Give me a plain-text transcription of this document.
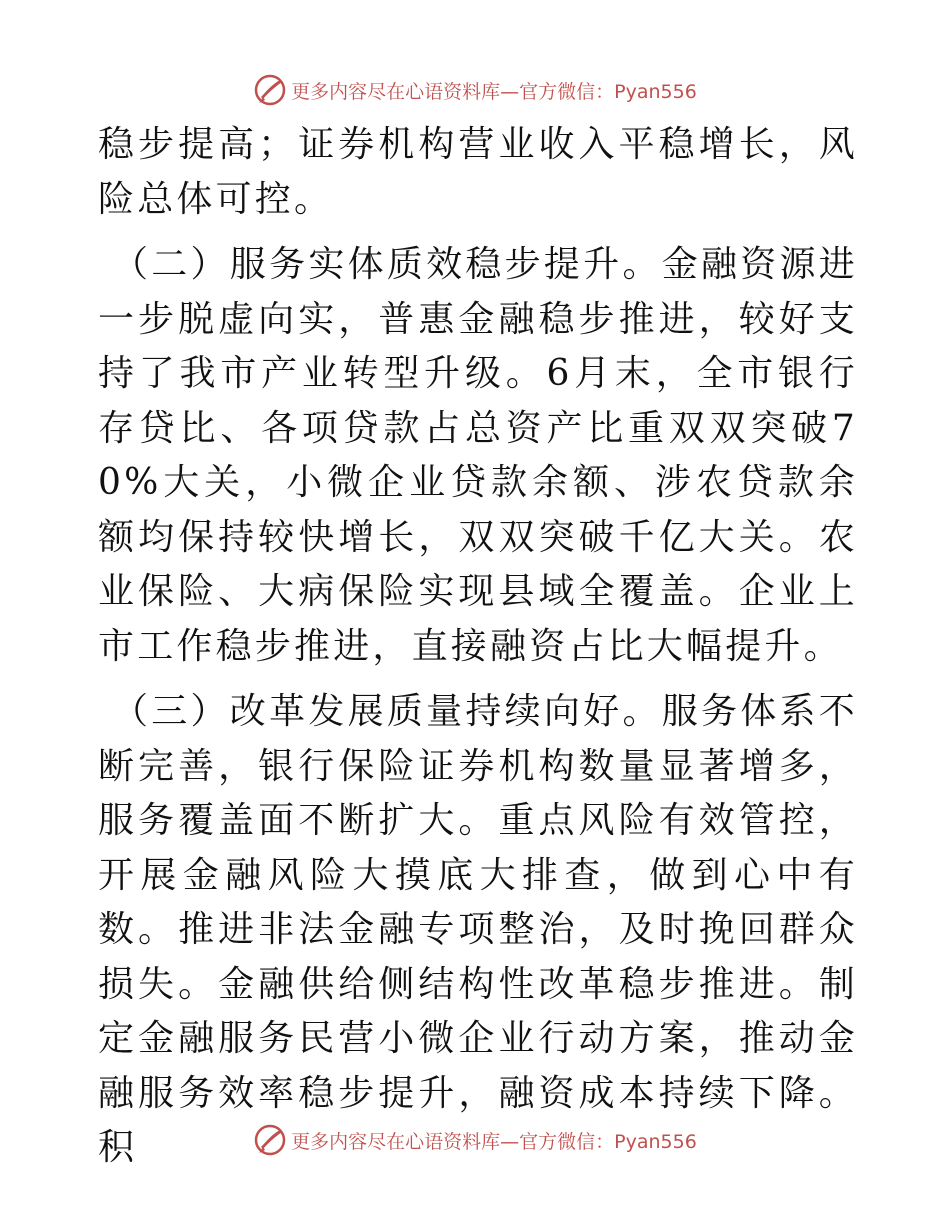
更多内容尽在心语资料库—官方微信：Pyan556

稳步提高；证券机构营业收入平稳增长，风险总体可控。

（二）服务实体质效稳步提升。金融资源进一步脱虚向实，普惠金融稳步推进，较好支持了我市产业转型升级。6月末，全市银行存贷比、各项贷款占总资产比重双双突破70%大关，小微企业贷款余额、涉农贷款余额均保持较快增长，双双突破千亿大关。农业保险、大病保险实现县域全覆盖。企业上市工作稳步推进，直接融资占比大幅提升。

（三）改革发展质量持续向好。服务体系不断完善，银行保险证券机构数量显著增多，服务覆盖面不断扩大。重点风险有效管控，开展金融风险大摸底大排查，做到心中有数。推进非法金融专项整治，及时挽回群众损失。金融供给侧结构性改革稳步推进。制定金融服务民营小微企业行动方案，推动金融服务效率稳步提升，融资成本持续下降。积	更多内容尽在心语资料库—官方微信：Pyan556
